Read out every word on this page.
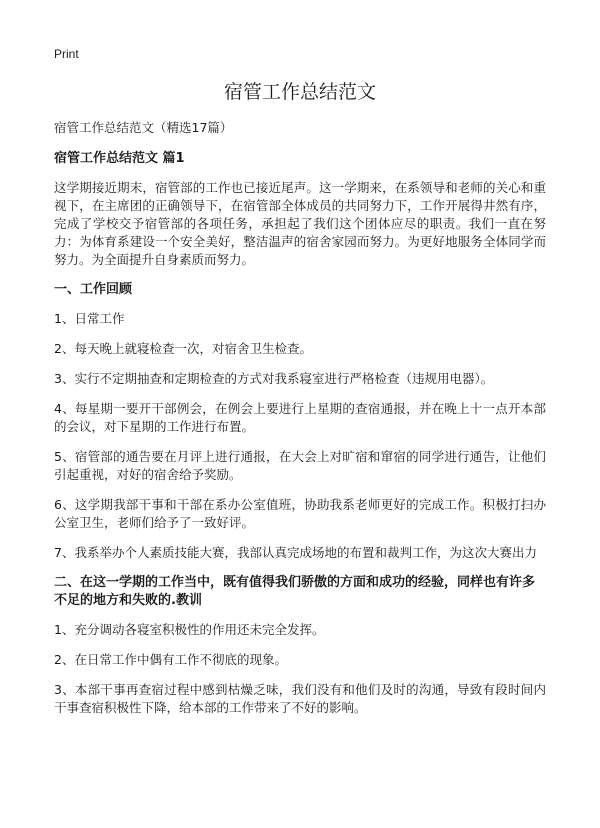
Print
宿管工作总结范文

宿管工作总结范文（精选17篇）

宿管工作总结范文 篇1

这学期接近期末，宿管部的工作也已接近尾声。这一学期来，在系领导和老师的关心和重视下，在主席团的正确领导下，在宿管部全体成员的共同努力下，工作开展得井然有序，完成了学校交予宿管部的各项任务，承担起了我们这个团体应尽的职责。我们一直在努力：为体育系建设一个安全美好，整洁温声的宿舍家园而努力。为更好地服务全体同学而努力。为全面提升自身素质而努力。

一、工作回顾

1、日常工作

2、每天晚上就寝检查一次，对宿舍卫生检查。

3、实行不定期抽查和定期检查的方式对我系寝室进行严格检查（违规用电器）。

4、每星期一要开干部例会，在例会上要进行上星期的查宿通报，并在晚上十一点开本部的会议，对下星期的工作进行布置。

5、宿管部的通告要在月评上进行通报，在大会上对旷宿和窜宿的同学进行通告，让他们引起重视，对好的宿舍给予奖励。

6、这学期我部干事和干部在系办公室值班，协助我系老师更好的完成工作。积极打扫办公室卫生，老师们给予了一致好评。

7、我系举办个人素质技能大赛，我部认真完成场地的布置和裁判工作，为这次大赛出力

二、在这一学期的工作当中，既有值得我们骄傲的方面和成功的经验，同样也有许多不足的地方和失败的.教训

1、充分调动各寝室积极性的作用还未完全发挥。

2、在日常工作中偶有工作不彻底的现象。

3、本部干事再查宿过程中感到枯燥乏味，我们没有和他们及时的沟通，导致有段时间内干事查宿积极性下降，给本部的工作带来了不好的影响。
